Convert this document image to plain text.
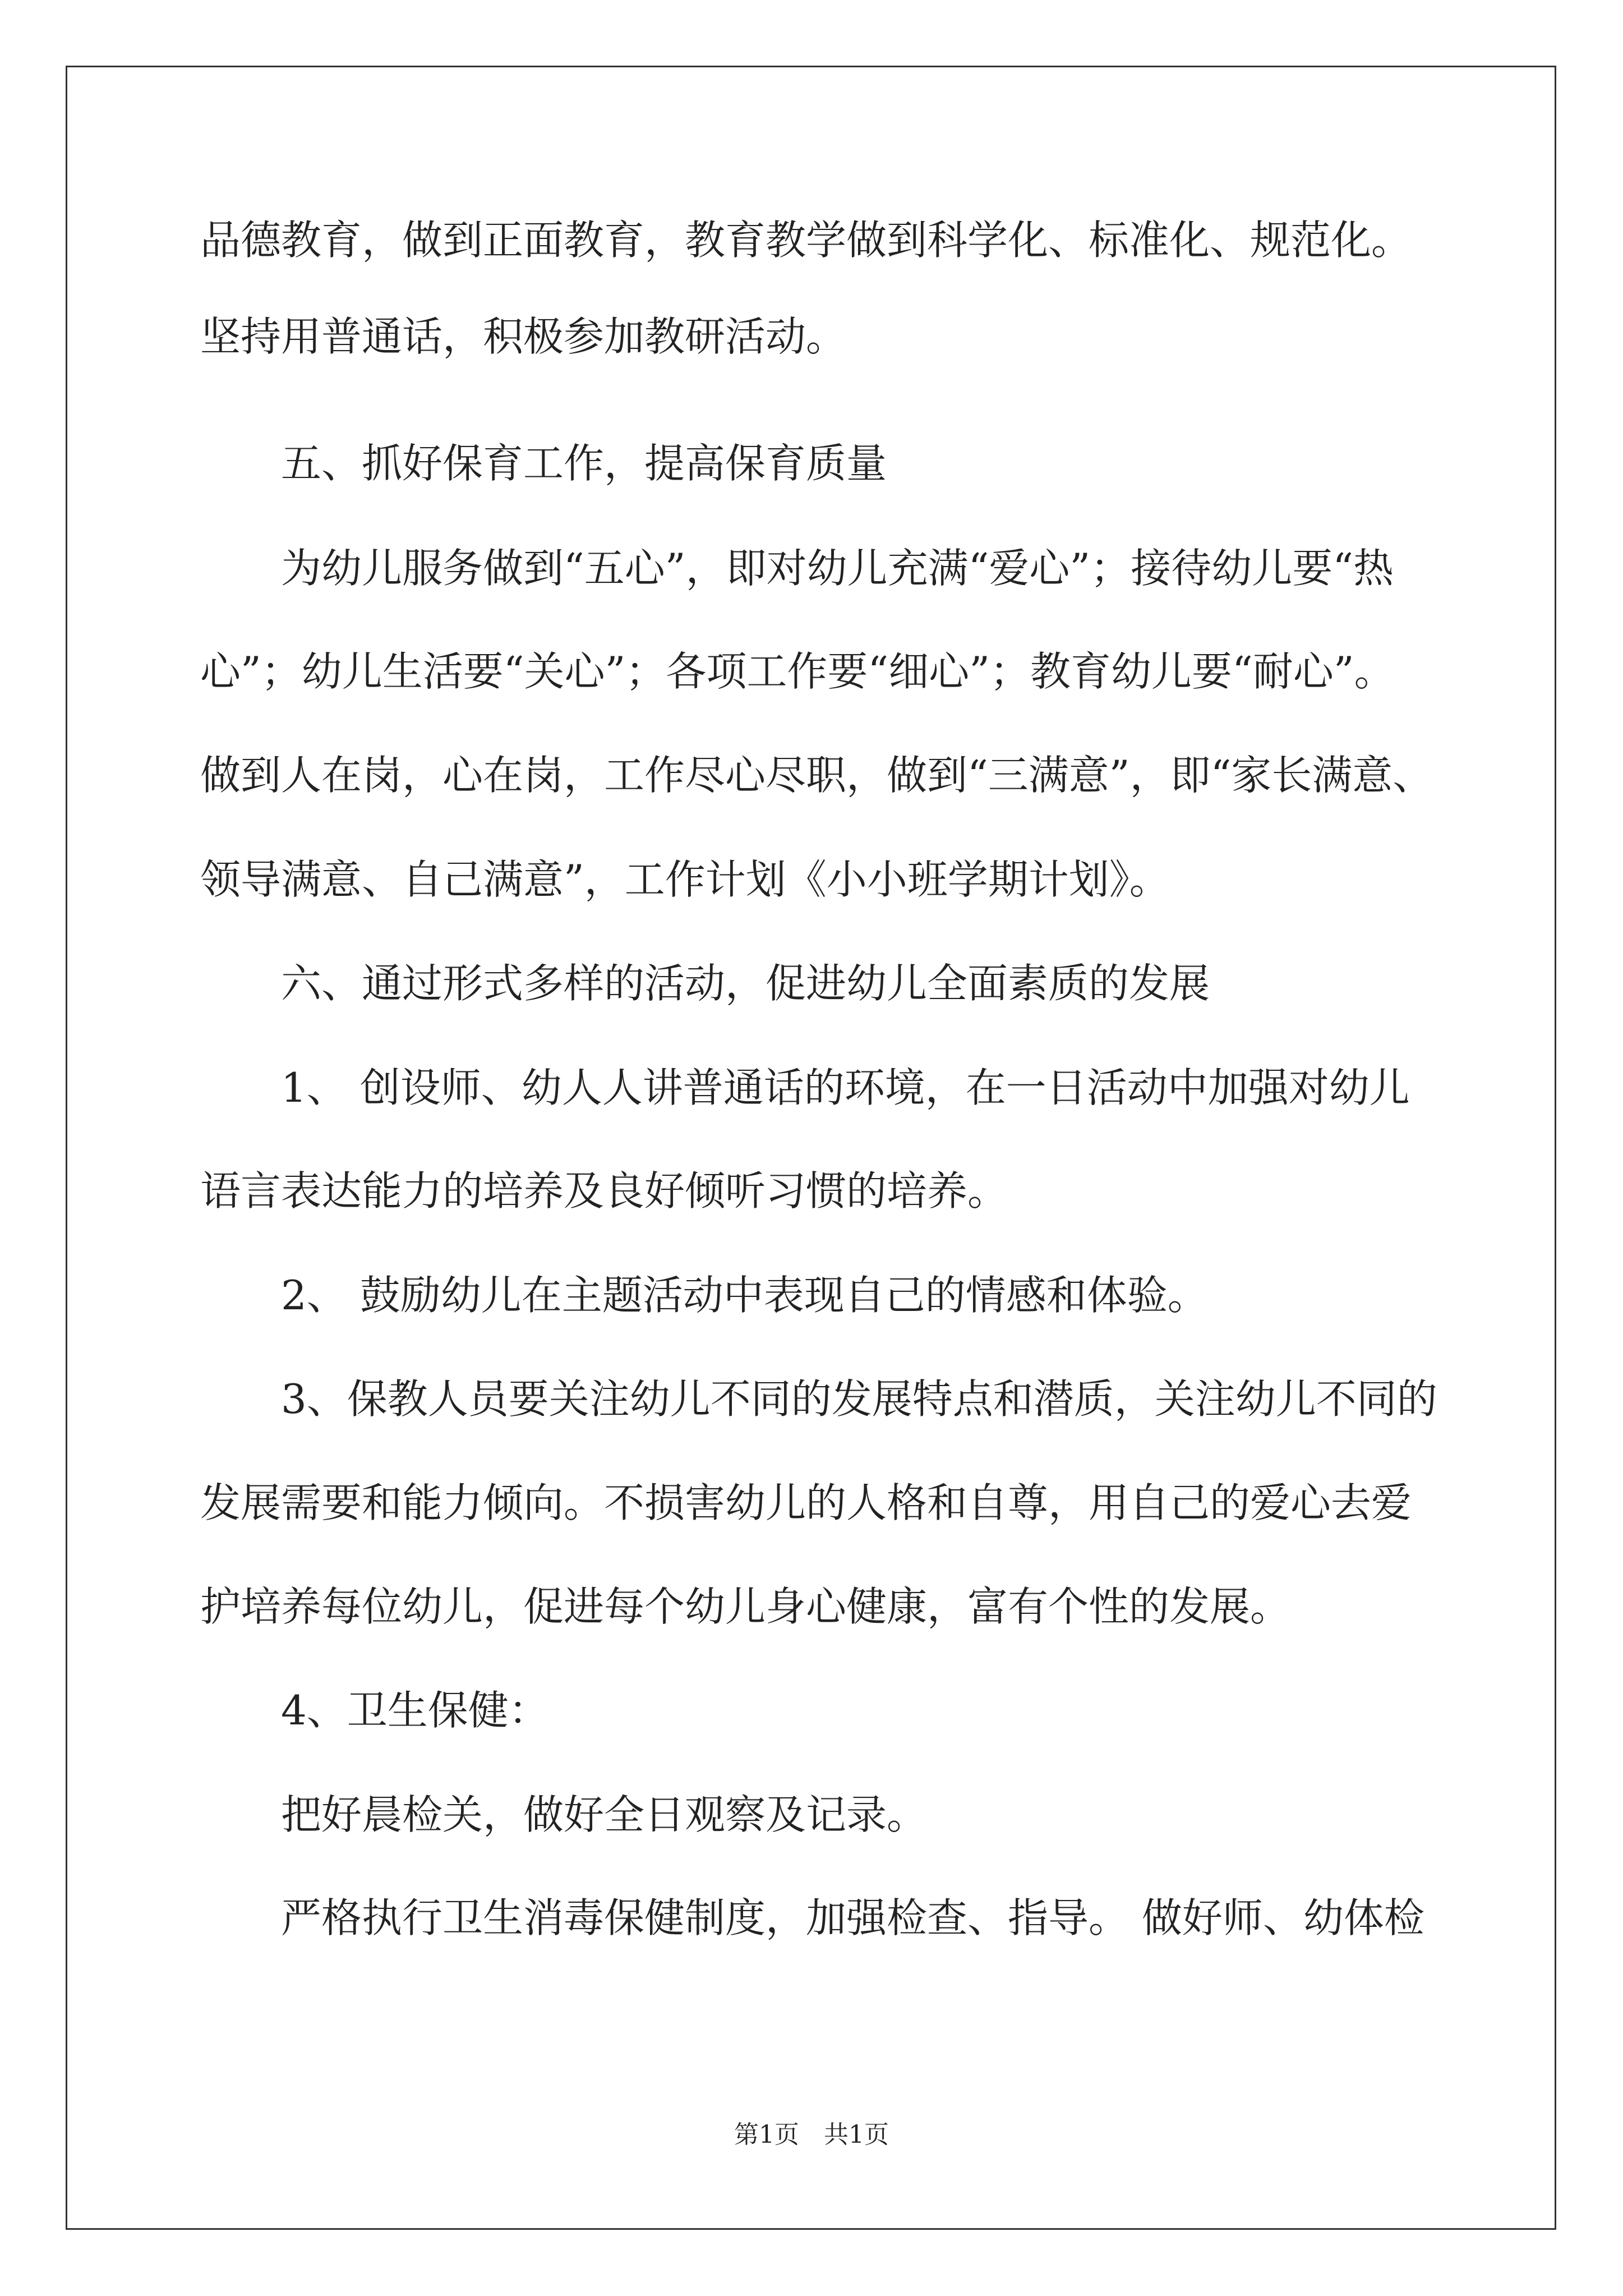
品德教育，做到正面教育，教育教学做到科学化、标准化、规范化。

坚持用普通话，积极参加教研活动。

五、抓好保育工作，提高保育质量

为幼儿服务做到“五心”，即对幼儿充满“爱心”；接待幼儿要“热

心”；幼儿生活要“关心”；各项工作要“细心”；教育幼儿要“耐心”。

做到人在岗，心在岗，工作尽心尽职，做到“三满意”，即“家长满意、

领导满意、自己满意”，工作计划《小小班学期计划》。

六、通过形式多样的活动，促进幼儿全面素质的发展

1、 创设师、幼人人讲普通话的环境，在一日活动中加强对幼儿

语言表达能力的培养及良好倾听习惯的培养。

2、 鼓励幼儿在主题活动中表现自己的情感和体验。

3、保教人员要关注幼儿不同的发展特点和潜质，关注幼儿不同的

发展需要和能力倾向。不损害幼儿的人格和自尊，用自己的爱心去爱

护培养每位幼儿，促进每个幼儿身心健康，富有个性的发展。

4、卫生保健：

把好晨检关，做好全日观察及记录。

严格执行卫生消毒保健制度，加强检查、指导。 做好师、幼体检

第1页　共1页
